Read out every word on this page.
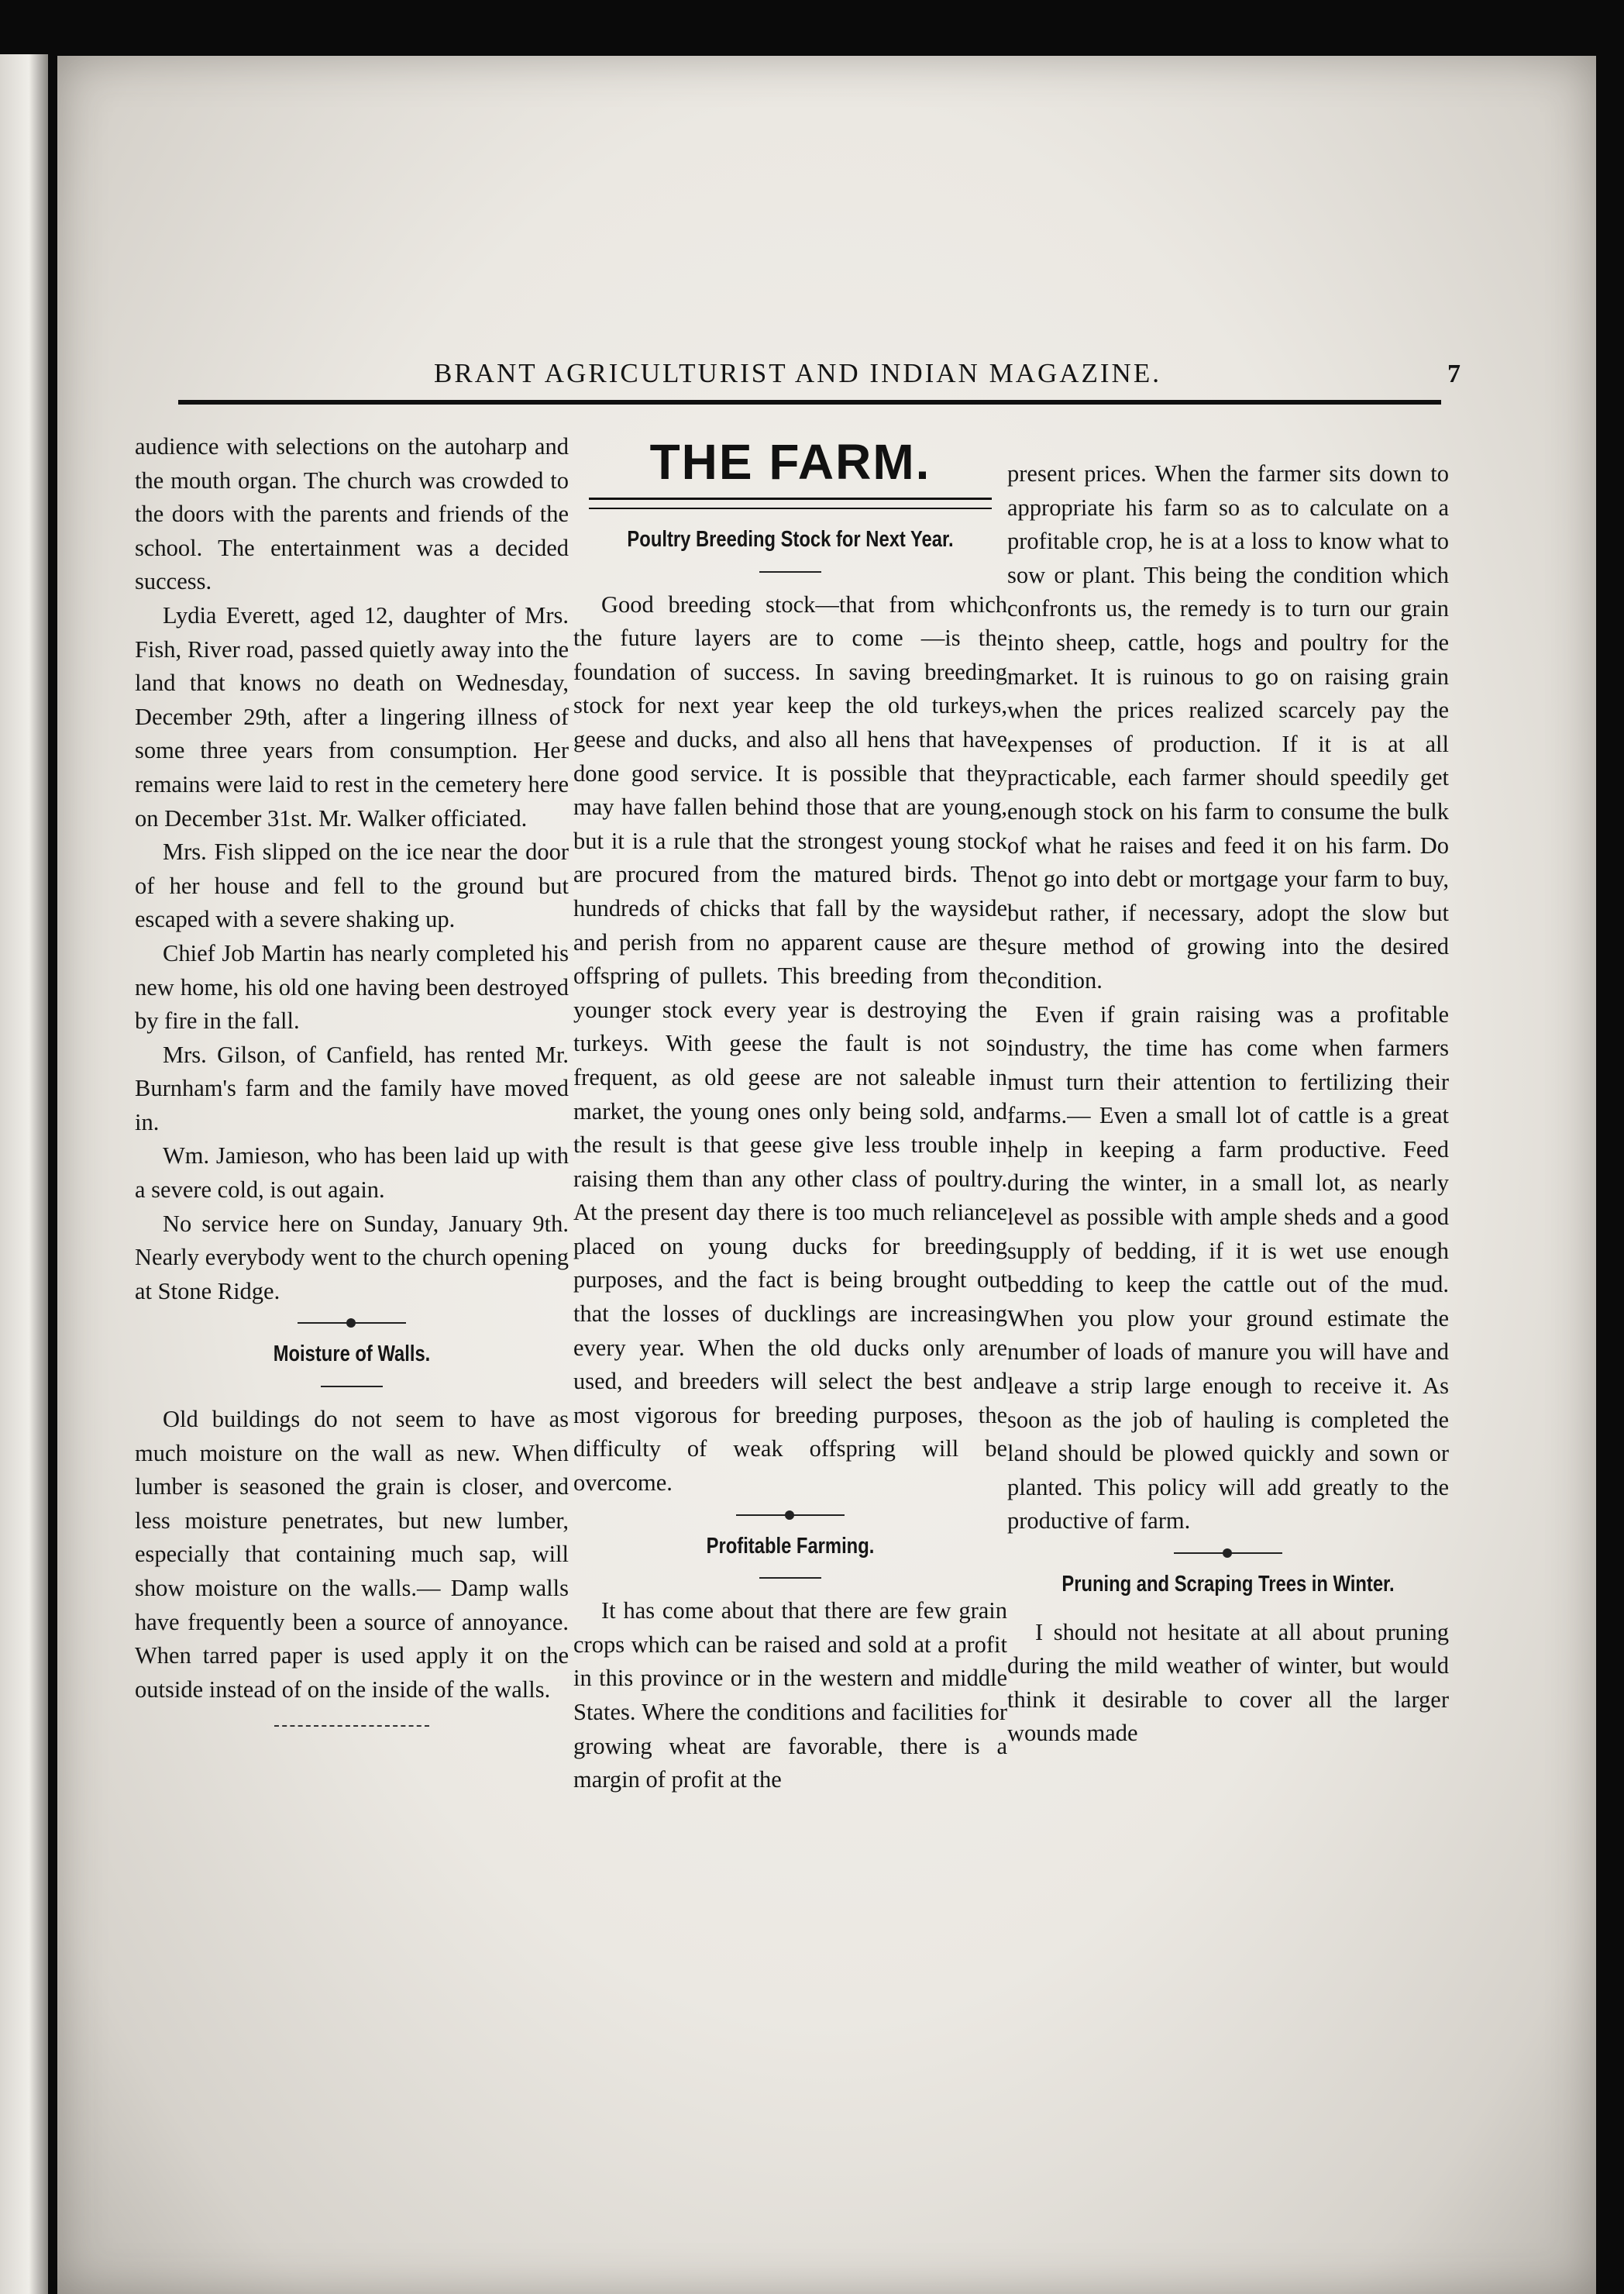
BRANT AGRICULTURIST AND INDIAN MAGAZINE.	7

audience with selections on the autoharp and the mouth organ. The church was crowded to the doors with the parents and friends of the school. The entertainment was a decided success.

Lydia Everett, aged 12, daughter of Mrs. Fish, River road, passed quietly away into the land that knows no death on Wednesday, December 29th, after a lingering illness of some three years from consumption. Her remains were laid to rest in the cemetery here on December 31st. Mr. Walker officiated.

Mrs. Fish slipped on the ice near the door of her house and fell to the ground but escaped with a severe shaking up.

Chief Job Martin has nearly completed his new home, his old one having been destroyed by fire in the fall.

Mrs. Gilson, of Canfield, has rented Mr. Burnham's farm and the family have moved in.

Wm. Jamieson, who has been laid up with a severe cold, is out again.

No service here on Sunday, January 9th. Nearly everybody went to the church opening at Stone Ridge.

Moisture of Walls.

Old buildings do not seem to have as much moisture on the wall as new. When lumber is seasoned the grain is closer, and less moisture penetrates, but new lumber, especially that containing much sap, will show moisture on the walls.— Damp walls have frequently been a source of annoyance. When tarred paper is used apply it on the outside instead of on the inside of the walls.

THE FARM.
Poultry Breeding Stock for Next Year.

Good breeding stock—that from which the future layers are to come —is the foundation of success. In saving breeding stock for next year keep the old turkeys, geese and ducks, and also all hens that have done good service. It is possible that they may have fallen behind those that are young, but it is a rule that the strongest young stock are procured from the matured birds. The hundreds of chicks that fall by the wayside and perish from no apparent cause are the offspring of pullets. This breeding from the younger stock every year is destroying the turkeys. With geese the fault is not so frequent, as old geese are not saleable in market, the young ones only being sold, and the result is that geese give less trouble in raising them than any other class of poultry. At the present day there is too much reliance placed on young ducks for breeding purposes, and the fact is being brought out that the losses of ducklings are increasing every year. When the old ducks only are used, and breeders will select the best and most vigorous for breeding purposes, the difficulty of weak offspring will be overcome.

Profitable Farming.

It has come about that there are few grain crops which can be raised and sold at a profit in this province or in the western and middle States. Where the conditions and facilities for growing wheat are favorable, there is a margin of profit at the

present prices. When the farmer sits down to appropriate his farm so as to calculate on a profitable crop, he is at a loss to know what to sow or plant. This being the condition which confronts us, the remedy is to turn our grain into sheep, cattle, hogs and poultry for the market. It is ruinous to go on raising grain when the prices realized scarcely pay the expenses of production. If it is at all practicable, each farmer should speedily get enough stock on his farm to consume the bulk of what he raises and feed it on his farm. Do not go into debt or mortgage your farm to buy, but rather, if necessary, adopt the slow but sure method of growing into the desired condition.

Even if grain raising was a profitable industry, the time has come when farmers must turn their attention to fertilizing their farms.— Even a small lot of cattle is a great help in keeping a farm productive. Feed during the winter, in a small lot, as nearly level as possible with ample sheds and a good supply of bedding, if it is wet use enough bedding to keep the cattle out of the mud. When you plow your ground estimate the number of loads of manure you will have and leave a strip large enough to receive it. As soon as the job of hauling is completed the land should be plowed quickly and sown or planted. This policy will add greatly to the productive of farm.

Pruning and Scraping Trees in Winter.

I should not hesitate at all about pruning during the mild weather of winter, but would think it desirable to cover all the larger wounds made
